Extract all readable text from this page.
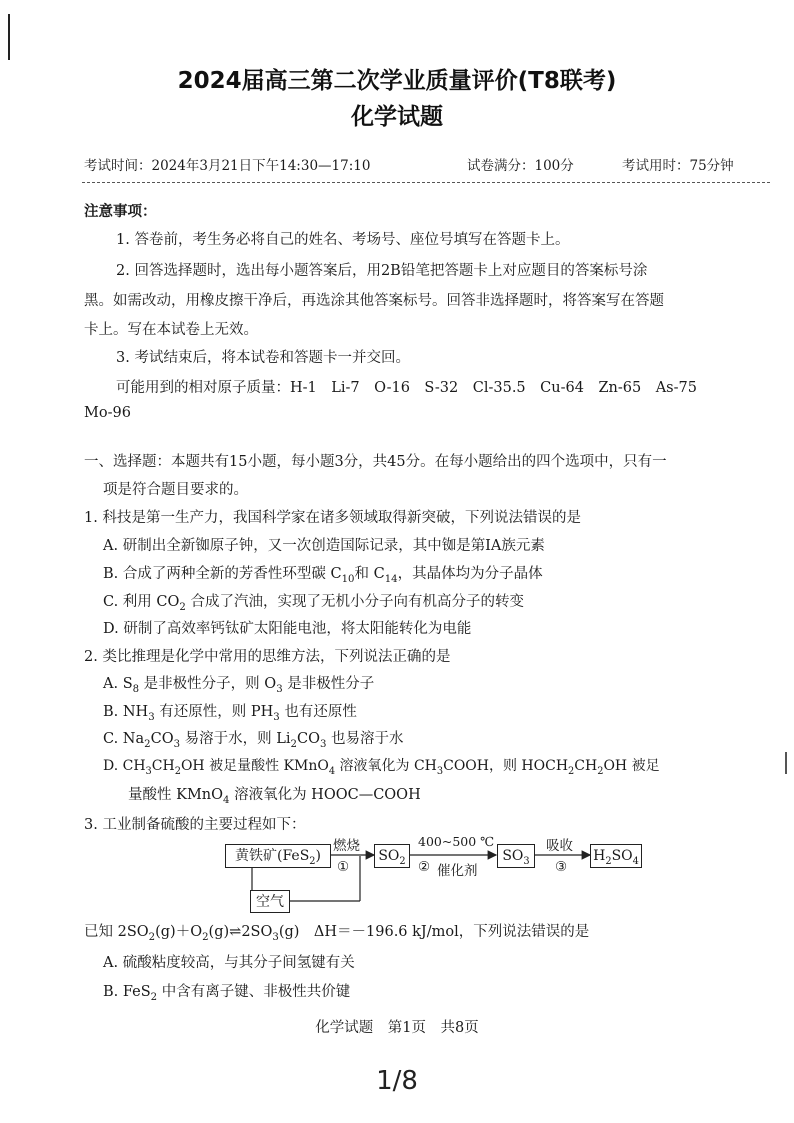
2024届高三第二次学业质量评价(T8联考)
化学试题
考试时间：2024年3月21日下午14:30—17:10	试卷满分：100分	考试用时：75分钟
注意事项：
1. 答卷前，考生务必将自己的姓名、考场号、座位号填写在答题卡上。
2. 回答选择题时，选出每小题答案后，用2B铅笔把答题卡上对应题目的答案标号涂
黑。如需改动，用橡皮擦干净后，再选涂其他答案标号。回答非选择题时，将答案写在答题
卡上。写在本试卷上无效。
3. 考试结束后，将本试卷和答题卡一并交回。
可能用到的相对原子质量：H-1　Li-7　O-16　S-32　Cl-35.5　Cu-64　Zn-65　As-75
Mo-96
一、选择题：本题共有15小题，每小题3分，共45分。在每小题给出的四个选项中，只有一
项是符合题目要求的。
1. 科技是第一生产力，我国科学家在诸多领域取得新突破，下列说法错误的是
A. 研制出全新铷原子钟，又一次创造国际记录，其中铷是第ⅠA族元素
B. 合成了两种全新的芳香性环型碳 $C_{10}$和 $C_{14}$，其晶体均为分子晶体
C. 利用 $CO_2$ 合成了汽油，实现了无机小分子向有机高分子的转变
D. 研制了高效率钙钛矿太阳能电池，将太阳能转化为电能
2. 类比推理是化学中常用的思维方法，下列说法正确的是
A. $S_8$ 是非极性分子，则 $O_3$ 是非极性分子
B. $NH_3$ 有还原性，则 $PH_3$ 也有还原性
C. $Na_2CO_3$ 易溶于水，则 $Li_2CO_3$ 也易溶于水
D. $CH_3CH_2OH$ 被足量酸性 KMnO$_4$ 溶液氧化为 $CH_3COOH$，则 $HOCH_2CH_2OH$ 被足
量酸性 KMnO$_4$ 溶液氧化为 HOOC—COOH
3. 工业制备硫酸的主要过程如下：
黄铁矿(FeS$_2$)	$SO_2$	$SO_3$	$H_2SO_4$
空气
燃烧
①
400~500 ℃
② 催化剂
吸收
③
已知 $2SO_2(g)+O_2(g)\rightleftharpoons 2SO_3(g)$　ΔH＝－196.6 kJ/mol，下列说法错误的是
A. 硫酸粘度较高，与其分子间氢键有关
B. FeS$_2$ 中含有离子键、非极性共价键
化学试题　第1页　共8页
1/8
